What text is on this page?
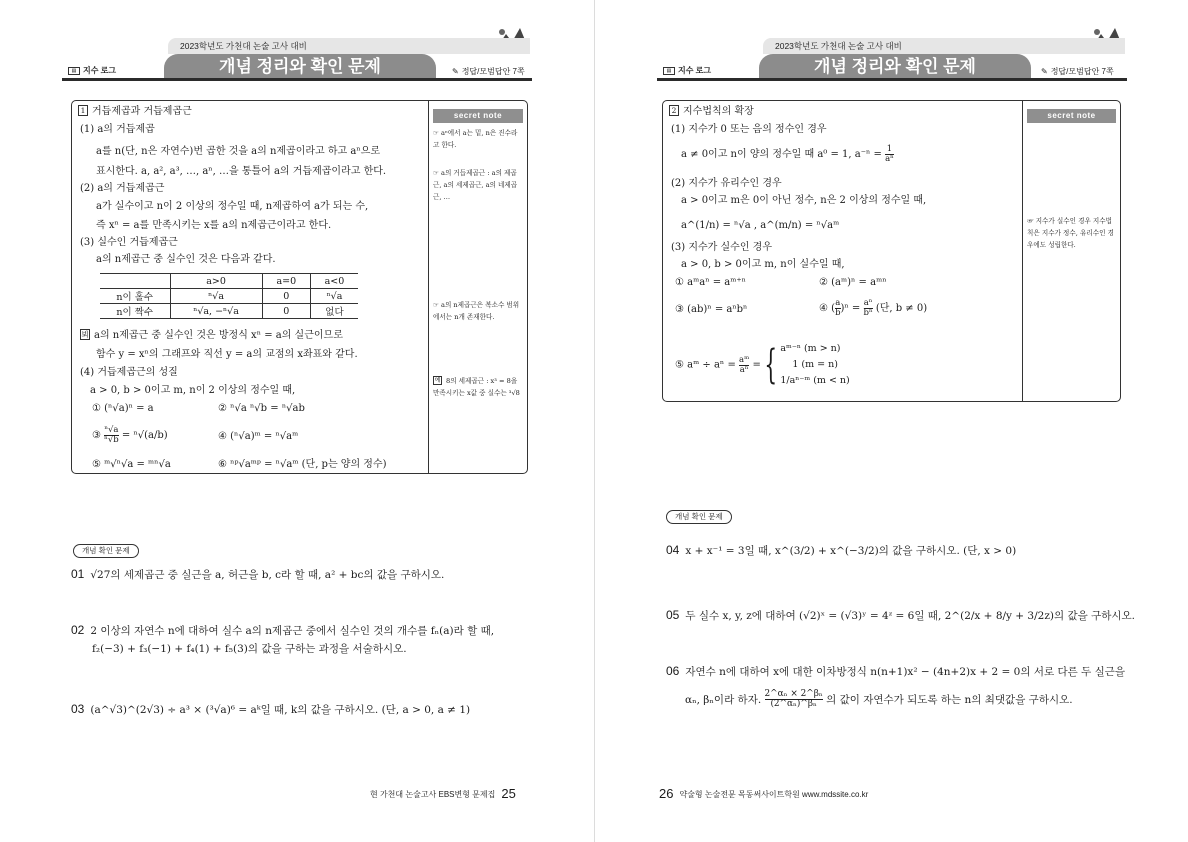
2023학년도 가천대 논술 고사 대비
개념 정리와 확인 문제
▤ 지수 로그	✎ 정답/모범답안 7쪽
1 거듭제곱과 거듭제곱근
(1) a의 거듭제곱
a를 n(단, n은 자연수)번 곱한 것을 a의 n제곱이라고 하고 aⁿ으로
표시한다. a, a², a³, …, aⁿ, …을 통틀어 a의 거듭제곱이라고 한다.
(2) a의 거듭제곱근
a가 실수이고 n이 2 이상의 정수일 때, n제곱하여 a가 되는 수,
즉 xⁿ = a를 만족시키는 x를 a의 n제곱근이라고 한다.
(3) 실수인 거듭제곱근
a의 n제곱근 중 실수인 것은 다음과 같다.
	a>0	a=0	a<0
n이 홀수	ⁿ√a	0	ⁿ√a
n이 짝수	ⁿ√a, −ⁿ√a	0	없다
뵈 a의 n제곱근 중 실수인 것은 방정식 xⁿ = a의 실근이므로
함수 y = xⁿ의 그래프와 직선 y = a의 교점의 x좌표와 같다.
(4) 거듭제곱근의 성질
a > 0, b > 0이고 m, n이 2 이상의 정수일 때,
① (ⁿ√a)ⁿ = a	② ⁿ√a ⁿ√b = ⁿ√ab
③ $\frac{\text{ⁿ√a}}{\text{ⁿ√b}} = ^n√(a/b)$	④ (ⁿ√a)ᵐ = ⁿ√aᵐ
⑤ ᵐ√ⁿ√a = ᵐⁿ√a	⑥ ⁿᵖ√aᵐᵖ = ⁿ√aᵐ (단, p는 양의 정수)
secret note
☞ aⁿ에서 a는 밑, n은 진수라고 한다.
☞ a의 거듭제곱근 : a의 제곱근, a의 세제곱근, a의 네제곱근, …
☞ a의 n제곱근은 복소수 범위에서는 n개 존재한다.
예 8의 세제곱근 : x³ = 8을 만족시키는 x값 중 실수는 ³√8
개념 확인 문제
01 √27의 세제곱근 중 실근을 a, 허근을 b, c라 할 때, a² + bc의 값을 구하시오.
02 2 이상의 자연수 n에 대하여 실수 a의 n제곱근 중에서 실수인 것의 개수를 fₙ(a)라 할 때,
f₂(−3) + f₃(−1) + f₄(1) + f₅(3)의 값을 구하는 과정을 서술하시오.
03 (a^√3)^(2√3) ÷ a³ × (³√a)⁶ = aᵏ일 때, k의 값을 구하시오. (단, a > 0, a ≠ 1)
현 가천대 논술고사 EBS변형 문제집 25
2023학년도 가천대 논술 고사 대비
개념 정리와 확인 문제
▤ 지수 로그	✎ 정답/모범답안 7쪽
2 지수법칙의 확장
(1) 지수가 0 또는 음의 정수인 경우
a ≠ 0이고 n이 양의 정수일 때 a⁰ = 1, $a^{-n} = \frac{1}{\text{aⁿ}}$
(2) 지수가 유리수인 경우
a > 0이고 m은 0이 아닌 정수, n은 2 이상의 정수일 때,
a^(1/n) = ⁿ√a , a^(m/n) = ⁿ√aᵐ
(3) 지수가 실수인 경우
a > 0, b > 0이고 m, n이 실수일 때,
① aᵐaⁿ = aᵐ⁺ⁿ	② (aᵐ)ⁿ = aᵐⁿ
③ (ab)ⁿ = aⁿbⁿ	④ ( $\frac{a}{b} )^n = \frac{\text{aⁿ}}{\text{bⁿ}}$ (단, b ≠ 0)
⑤ aᵐ ÷ $a^n = \frac{\text{aᵐ}}{\text{aⁿ}}$ ={ aᵐ⁻ⁿ (m > n)
1 (m = n)
1/aⁿ⁻ᵐ (m < n)
secret note
☞ 지수가 실수인 경우 지수법칙은 지수가 정수, 유리수인 경우에도 성립한다.
개념 확인 문제
04 x + x⁻¹ = 3일 때, x^(3/2) + x^(−3/2)의 값을 구하시오. (단, x > 0)
05 두 실수 x, y, z에 대하여 (√2)ˣ = (√3)ʸ = 4ᶻ = 6일 때, 2^(2/x + 8/y + 3/2z)의 값을 구하시오.
06 자연수 n에 대하여 x에 대한 이차방정식 n(n+1)x² − (4n+2)x + 2 = 0의 서로 다른 두 실근을
αₙ, βₙ이라 하자. $\frac{\text{2\textasciicircum{}αₙ × 2\textasciicircum{}βₙ}}{\text{(2\textasciicircum{}αₙ)\textasciicircum{}βₙ}}$ 의 값이 자연수가 되도록 하는 n의 최댓값을 구하시오.
26 약술형 논술전문 목동써사이트학원 www.mdssite.co.kr
